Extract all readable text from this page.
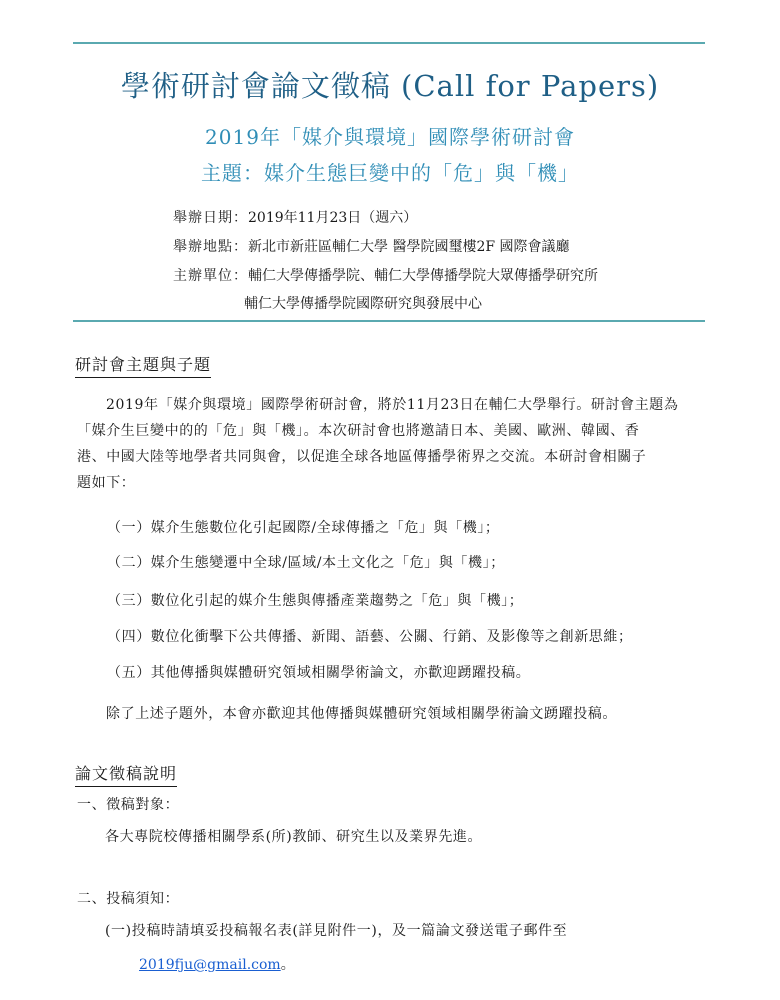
學術研討會論文徵稿 (Call for Papers)
2019年「媒介與環境」國際學術研討會
主題：媒介生態巨變中的「危」與「機」
舉辦日期：2019年11月23日（週六）
舉辦地點：新北市新莊區輔仁大學 醫學院國璽樓2F 國際會議廳
主辦單位：輔仁大學傳播學院、輔仁大學傳播學院大眾傳播學研究所
輔仁大學傳播學院國際研究與發展中心
研討會主題與子題
2019年「媒介與環境」國際學術研討會，將於11月23日在輔仁大學舉行。研討會主題為
「媒介生巨變中的的「危」與「機」。本次研討會也將邀請日本、美國、歐洲、韓國、香
港、中國大陸等地學者共同與會，以促進全球各地區傳播學術界之交流。本研討會相關子
題如下：
（一）媒介生態數位化引起國際/全球傳播之「危」與「機」；
（二）媒介生態變遷中全球/區域/本土文化之「危」與「機」；
（三）數位化引起的媒介生態與傳播產業趨勢之「危」與「機」；
（四）數位化衝擊下公共傳播、新聞、語藝、公關、行銷、及影像等之創新思維；
（五）其他傳播與媒體研究領域相關學術論文，亦歡迎踴躍投稿。
除了上述子題外，本會亦歡迎其他傳播與媒體研究領域相關學術論文踴躍投稿。
論文徵稿說明
一、徵稿對象：
各大專院校傳播相關學系(所)教師、研究生以及業界先進。
二、投稿須知：
(一)投稿時請填妥投稿報名表(詳見附件一)，及一篇論文發送電子郵件至
2019fju@gmail.com。
